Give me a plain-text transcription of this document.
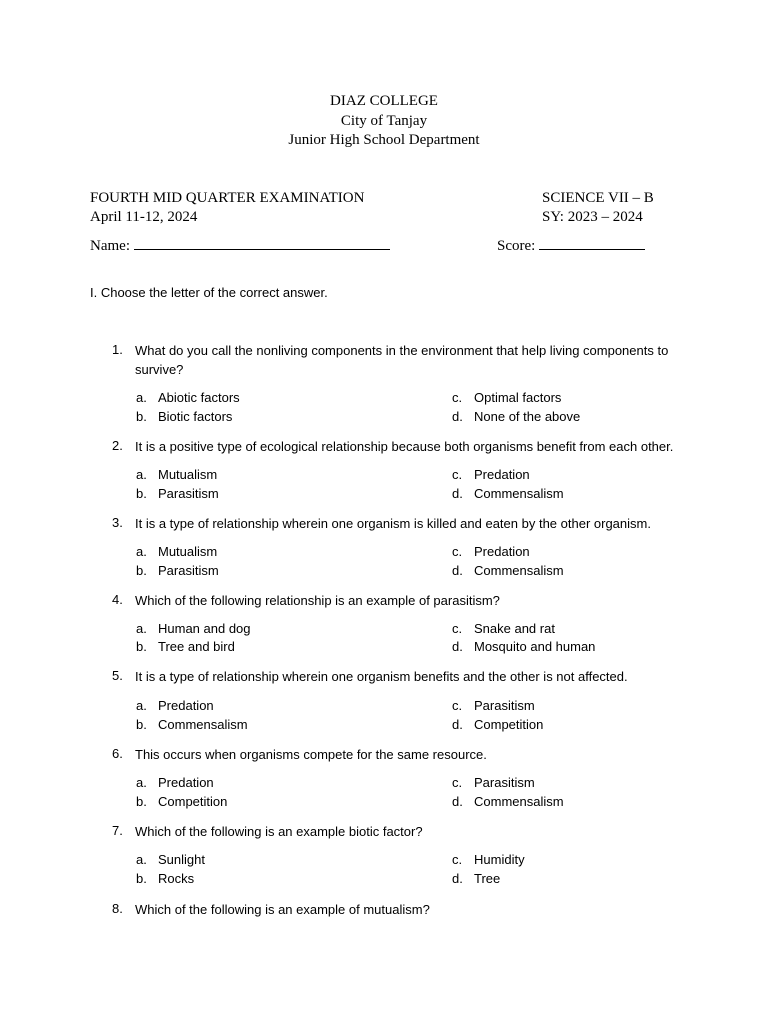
DIAZ COLLEGE
City of Tanjay
Junior High School Department
FOURTH MID QUARTER EXAMINATION
April 11-12, 2024
SCIENCE VII – B
SY: 2023 – 2024
Name:	Score:
I. Choose the letter of the correct answer.
1. What do you call the nonliving components in the environment that help living components to survive?
a. Abiotic factors
b. Biotic factors
c. Optimal factors
d. None of the above
2. It is a positive type of ecological relationship because both organisms benefit from each other.
a. Mutualism
b. Parasitism
c. Predation
d. Commensalism
3. It is a type of relationship wherein one organism is killed and eaten by the other organism.
a. Mutualism
b. Parasitism
c. Predation
d. Commensalism
4. Which of the following relationship is an example of parasitism?
a. Human and dog
b. Tree and bird
c. Snake and rat
d. Mosquito and human
5. It is a type of relationship wherein one organism benefits and the other is not affected.
a. Predation
b. Commensalism
c. Parasitism
d. Competition
6. This occurs when organisms compete for the same resource.
a. Predation
b. Competition
c. Parasitism
d. Commensalism
7. Which of the following is an example biotic factor?
a. Sunlight
b. Rocks
c. Humidity
d. Tree
8. Which of the following is an example of mutualism?
